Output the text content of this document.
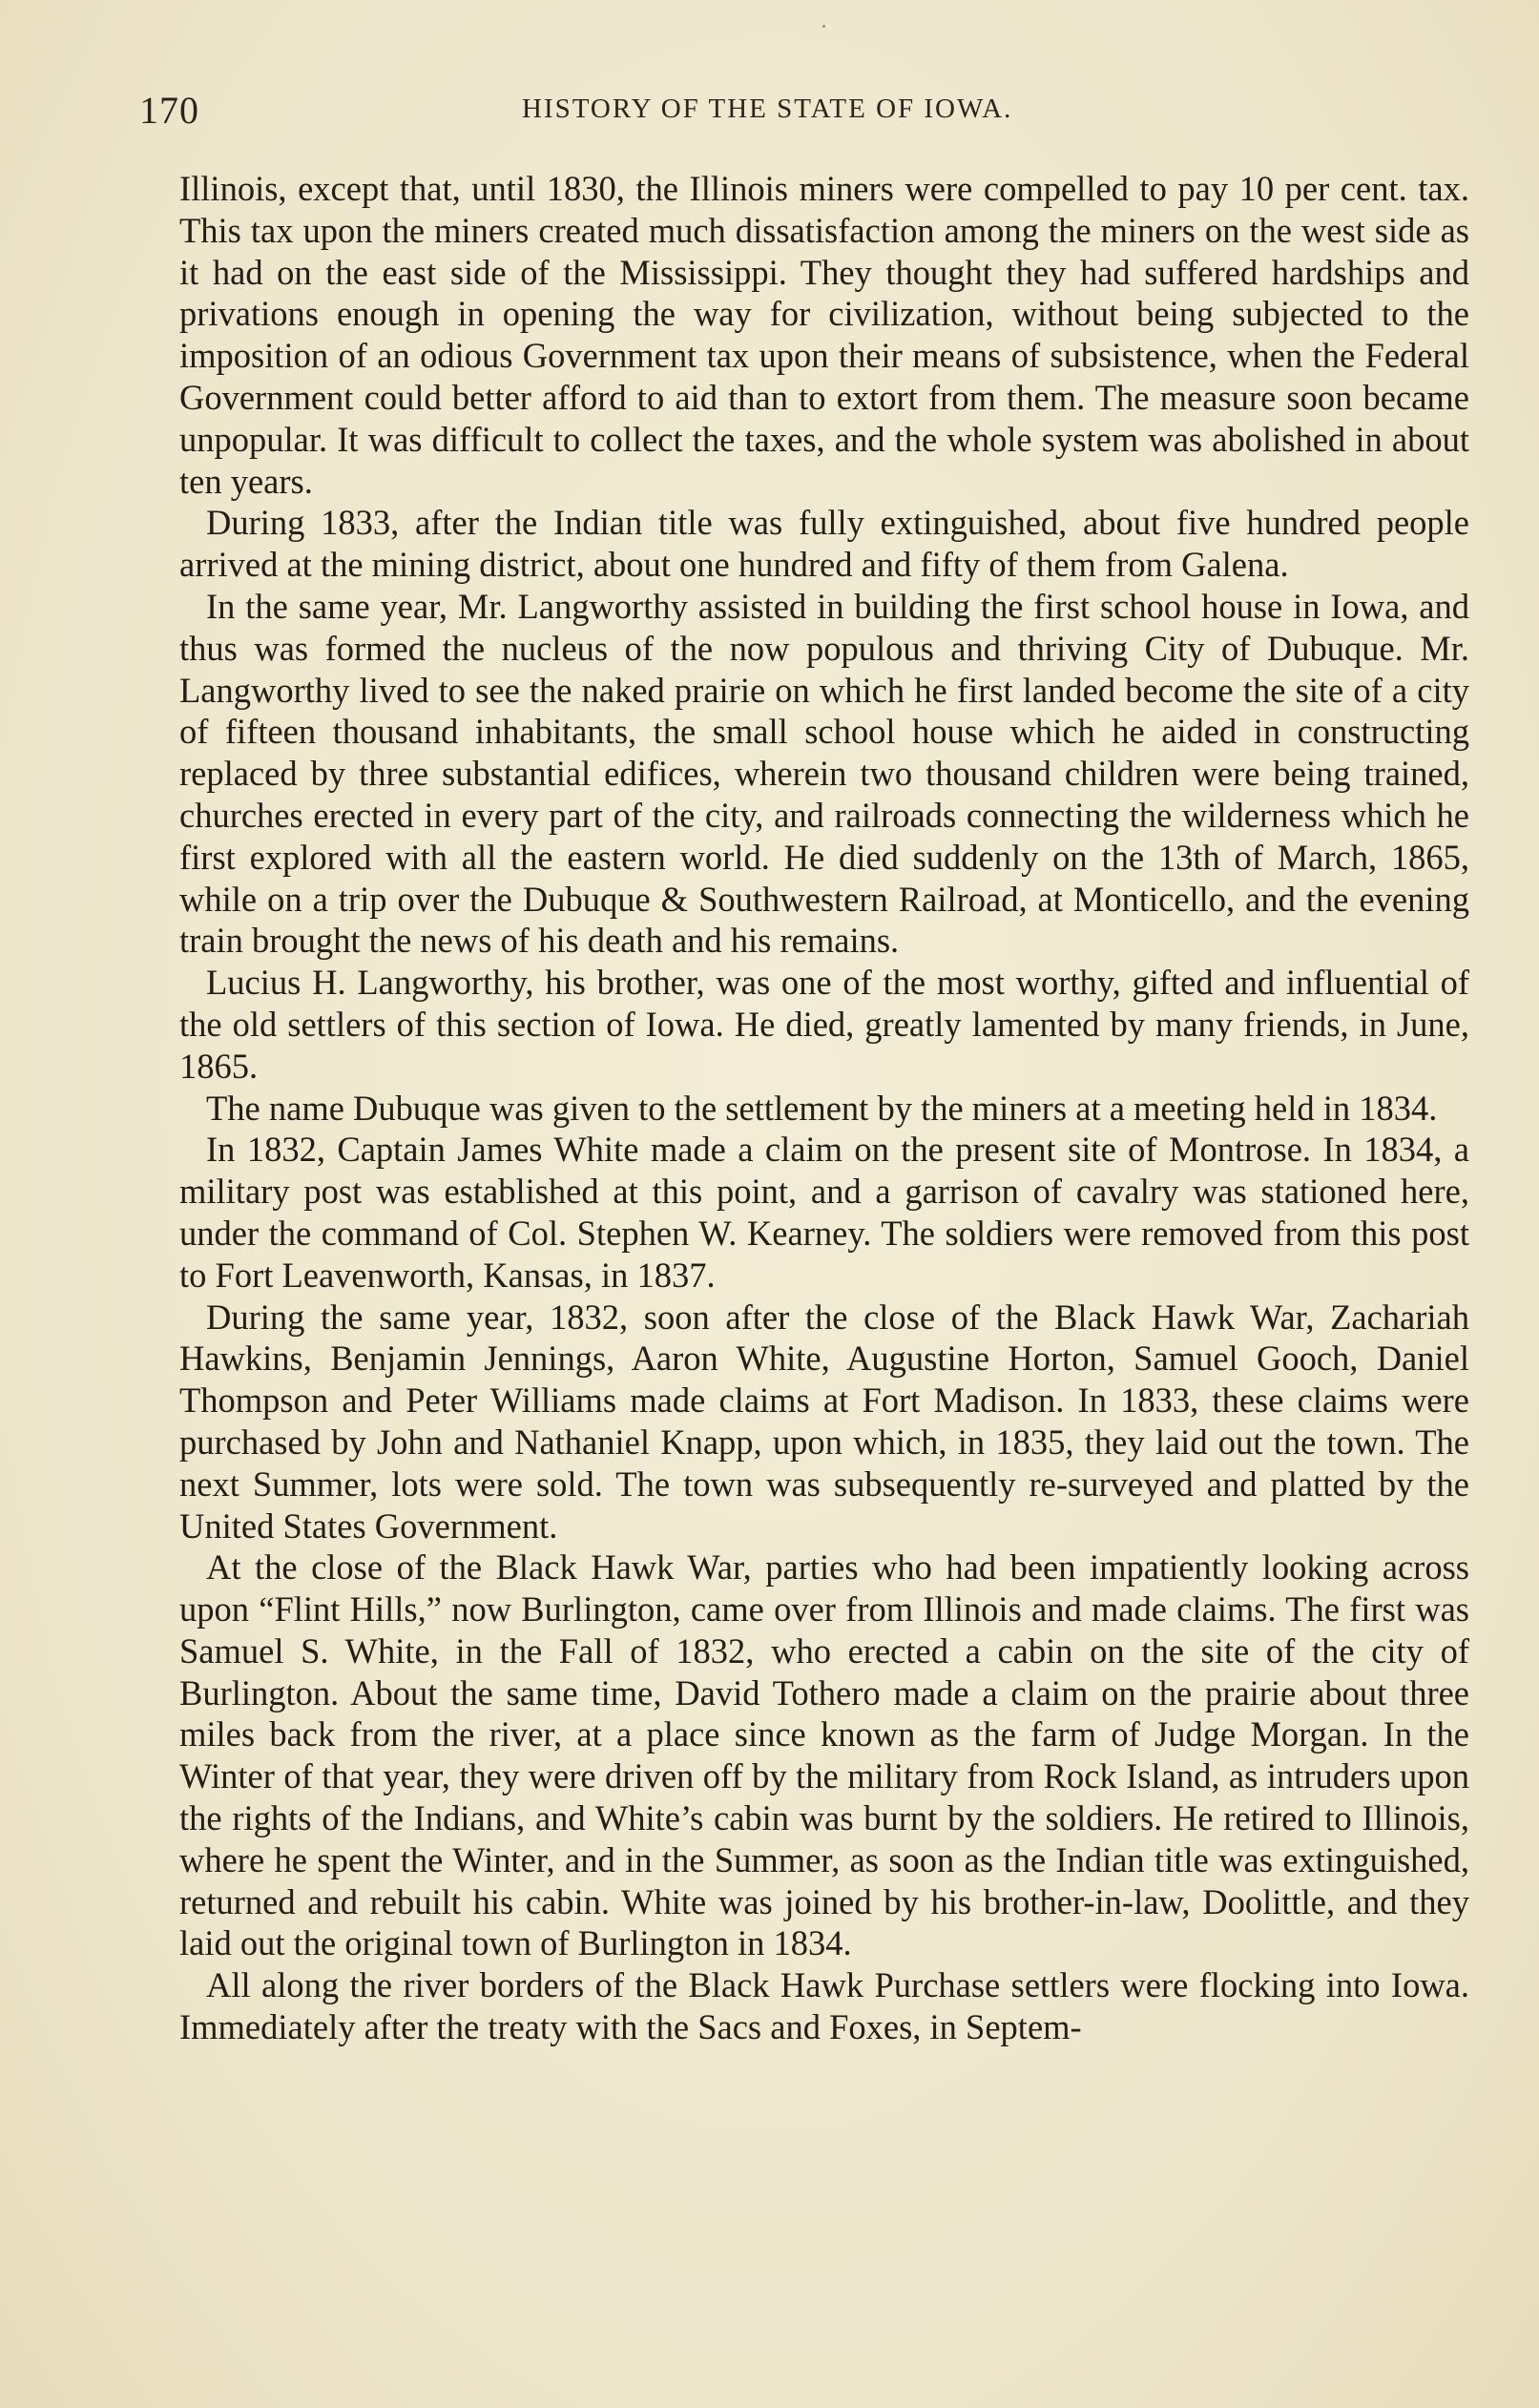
170	HISTORY OF THE STATE OF IOWA.

Illinois, except that, until 1830, the Illinois miners were compelled to pay 10 per cent. tax. This tax upon the miners created much dissatisfaction among the miners on the west side as it had on the east side of the Mississippi. They thought they had suffered hardships and privations enough in opening the way for civilization, without being subjected to the imposition of an odious Government tax upon their means of subsistence, when the Federal Government could better afford to aid than to extort from them. The measure soon became unpopular. It was difficult to collect the taxes, and the whole system was abolished in about ten years.

During 1833, after the Indian title was fully extinguished, about five hundred people arrived at the mining district, about one hundred and fifty of them from Galena.

In the same year, Mr. Langworthy assisted in building the first school house in Iowa, and thus was formed the nucleus of the now populous and thriving City of Dubuque. Mr. Langworthy lived to see the naked prairie on which he first landed become the site of a city of fifteen thousand inhabitants, the small school house which he aided in constructing replaced by three substantial edifices, wherein two thousand children were being trained, churches erected in every part of the city, and railroads connecting the wilderness which he first explored with all the eastern world. He died suddenly on the 13th of March, 1865, while on a trip over the Dubuque & Southwestern Railroad, at Monticello, and the evening train brought the news of his death and his remains.

Lucius H. Langworthy, his brother, was one of the most worthy, gifted and influential of the old settlers of this section of Iowa. He died, greatly lamented by many friends, in June, 1865.

The name Dubuque was given to the settlement by the miners at a meeting held in 1834.

In 1832, Captain James White made a claim on the present site of Montrose. In 1834, a military post was established at this point, and a garrison of cavalry was stationed here, under the command of Col. Stephen W. Kearney. The soldiers were removed from this post to Fort Leavenworth, Kansas, in 1837.

During the same year, 1832, soon after the close of the Black Hawk War, Zachariah Hawkins, Benjamin Jennings, Aaron White, Augustine Horton, Samuel Gooch, Daniel Thompson and Peter Williams made claims at Fort Madison. In 1833, these claims were purchased by John and Nathaniel Knapp, upon which, in 1835, they laid out the town. The next Summer, lots were sold. The town was subsequently re-surveyed and platted by the United States Government.

At the close of the Black Hawk War, parties who had been impatiently looking across upon “Flint Hills,” now Burlington, came over from Illinois and made claims. The first was Samuel S. White, in the Fall of 1832, who erected a cabin on the site of the city of Burlington. About the same time, David Tothero made a claim on the prairie about three miles back from the river, at a place since known as the farm of Judge Morgan. In the Winter of that year, they were driven off by the military from Rock Island, as intruders upon the rights of the Indians, and White’s cabin was burnt by the soldiers. He retired to Illinois, where he spent the Winter, and in the Summer, as soon as the Indian title was extinguished, returned and rebuilt his cabin. White was joined by his brother-in-law, Doolittle, and they laid out the original town of Burlington in 1834.

All along the river borders of the Black Hawk Purchase settlers were flocking into Iowa. Immediately after the treaty with the Sacs and Foxes, in Septem-
